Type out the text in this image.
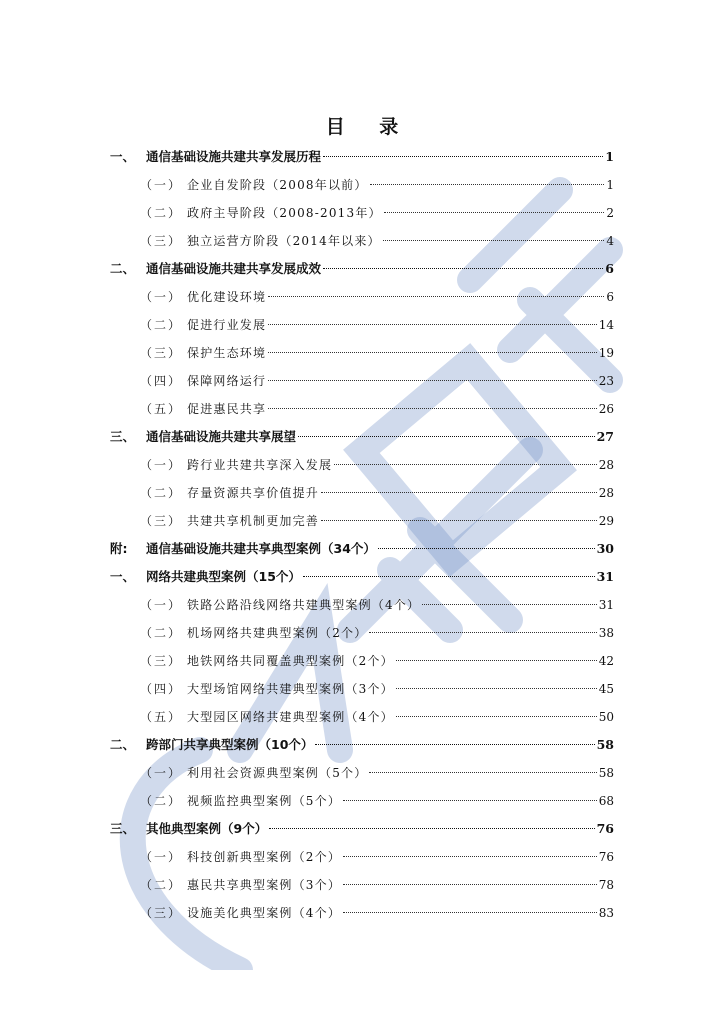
目 录
一、 通信基础设施共建共享发展历程	1
（一） 企业自发阶段（2008年以前）	1
（二） 政府主导阶段（2008-2013年）	2
（三） 独立运营方阶段（2014年以来）	4
二、 通信基础设施共建共享发展成效	6
（一） 优化建设环境	6
（二） 促进行业发展	14
（三） 保护生态环境	19
（四） 保障网络运行	23
（五） 促进惠民共享	26
三、 通信基础设施共建共享展望	27
（一） 跨行业共建共享深入发展	28
（二） 存量资源共享价值提升	28
（三） 共建共享机制更加完善	29
附:	通信基础设施共建共享典型案例（34个）	30
一、 网络共建典型案例（15个）	31
（一） 铁路公路沿线网络共建典型案例（4个）	31
（二） 机场网络共建典型案例（2个）	38
（三） 地铁网络共同覆盖典型案例（2个）	42
（四） 大型场馆网络共建典型案例（3个）	45
（五） 大型园区网络共建典型案例（4个）	50
二、 跨部门共享典型案例（10个）	58
（一） 利用社会资源典型案例（5个）	58
（二） 视频监控典型案例（5个）	68
三、 其他典型案例（9个）	76
（一） 科技创新典型案例（2个）	76
（二） 惠民共享典型案例（3个）	78
（三） 设施美化典型案例（4个）	83
